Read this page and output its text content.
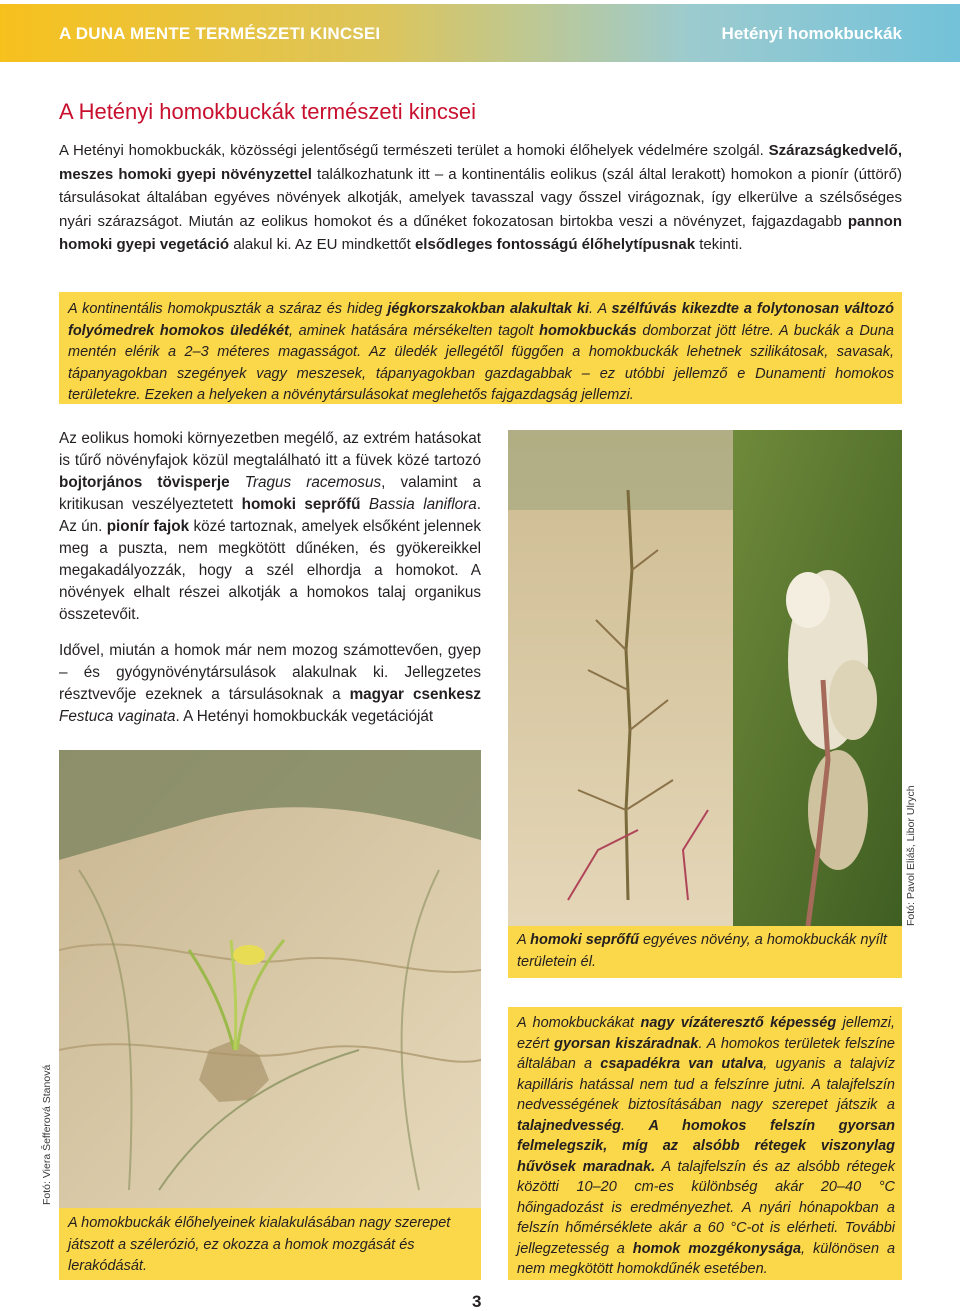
A DUNA MENTE TERMÉSZETI KINCSEI	Hetényi homokbuckák
A Hetényi homokbuckák természeti kincsei

A Hetényi homokbuckák, közösségi jelentőségű természeti terület a homoki élőhelyek védelmére szolgál. Szárazságkedvelő, meszes homoki gyepi növényzettel találkozhatunk itt – a kontinentális eolikus (szál által lerakott) homokon a pionír (úttörő) társulásokat általában egyéves növények alkotják, amelyek tavasszal vagy ősszel virágoznak, így elkerülve a szélsőséges nyári szárazságot. Miután az eolikus homokot és a dűnéket fokozatosan birtokba veszi a növényzet, fajgazdagabb pannon homoki gyepi vegetáció alakul ki. Az EU mindkettőt elsődleges fontosságú élőhelytípusnak tekinti.

A kontinentális homokpuszták a száraz és hideg jégkorszakokban alakultak ki. A szélfúvás kikezdte a folytonosan változó folyómedrek homokos üledékét, aminek hatására mérsékelten tagolt homokbuckás domborzat jött létre. A buckák a Duna mentén elérik a 2–3 méteres magasságot. Az üledék jellegétől függően a homokbuckák lehetnek szilikátosak, savasak, tápanyagokban szegények vagy meszesek, tápanyagokban gazdagabbak – ez utóbbi jellemző e Dunamenti homokos területekre. Ezeken a helyeken a növénytársulásokat meglehetős fajgazdagság jellemzi.

Az eolikus homoki környezetben megélő, az extrém hatásokat is tűrő növényfajok közül megtalálható itt a füvek közé tartozó bojtorjános tövisperje Tragus racemosus, valamint a kritikusan veszélyeztetett homoki seprőfű Bassia laniflora. Az ún. pionír fajok közé tartoznak, amelyek elsőként jelennek meg a puszta, nem megkötött dűnéken, és gyökereikkel megakadályozzák, hogy a szél elhordja a homokot. A növények elhalt részei alkotják a homokos talaj organikus összetevőit.

Idővel, miután a homok már nem mozog számottevően, gyep – és gyógynövénytársulások alakulnak ki. Jellegzetes résztvevője ezeknek a társulásoknak a magyar csenkesz Festuca vaginata. A Hetényi homokbuckák vegetációját

A homoki seprőfű egyéves növény, a homokbuckák nyílt területein él.

Fotó: Pavol Eliáš, Libor Ulrych
Fotó: Viera Šefferová Stanová

A homokbuckák élőhelyeinek kialakulásában nagy szerepet játszott a szélerózió, ez okozza a homok mozgását és lerakódását.

A homokbuckákat nagy vízáteresztő képesség jellemzi, ezért gyorsan kiszáradnak. A homokos területek felszíne általában a csapadékra van utalva, ugyanis a talajvíz kapilláris hatással nem tud a felszínre jutni. A talajfelszín nedvességének biztosításában nagy szerepet játszik a talajnedvesség. A homokos felszín gyorsan felmelegszik, míg az alsóbb rétegek viszonylag hűvösek maradnak. A talajfelszín és az alsóbb rétegek közötti 10–20 cm-es különbség akár 20–40 °C hőingadozást is eredményezhet. A nyári hónapokban a felszín hőmérséklete akár a 60 °C-ot is elérheti. További jellegzetesség a homok mozgékonysága, különösen a nem megkötött homokdűnék esetében.

3
